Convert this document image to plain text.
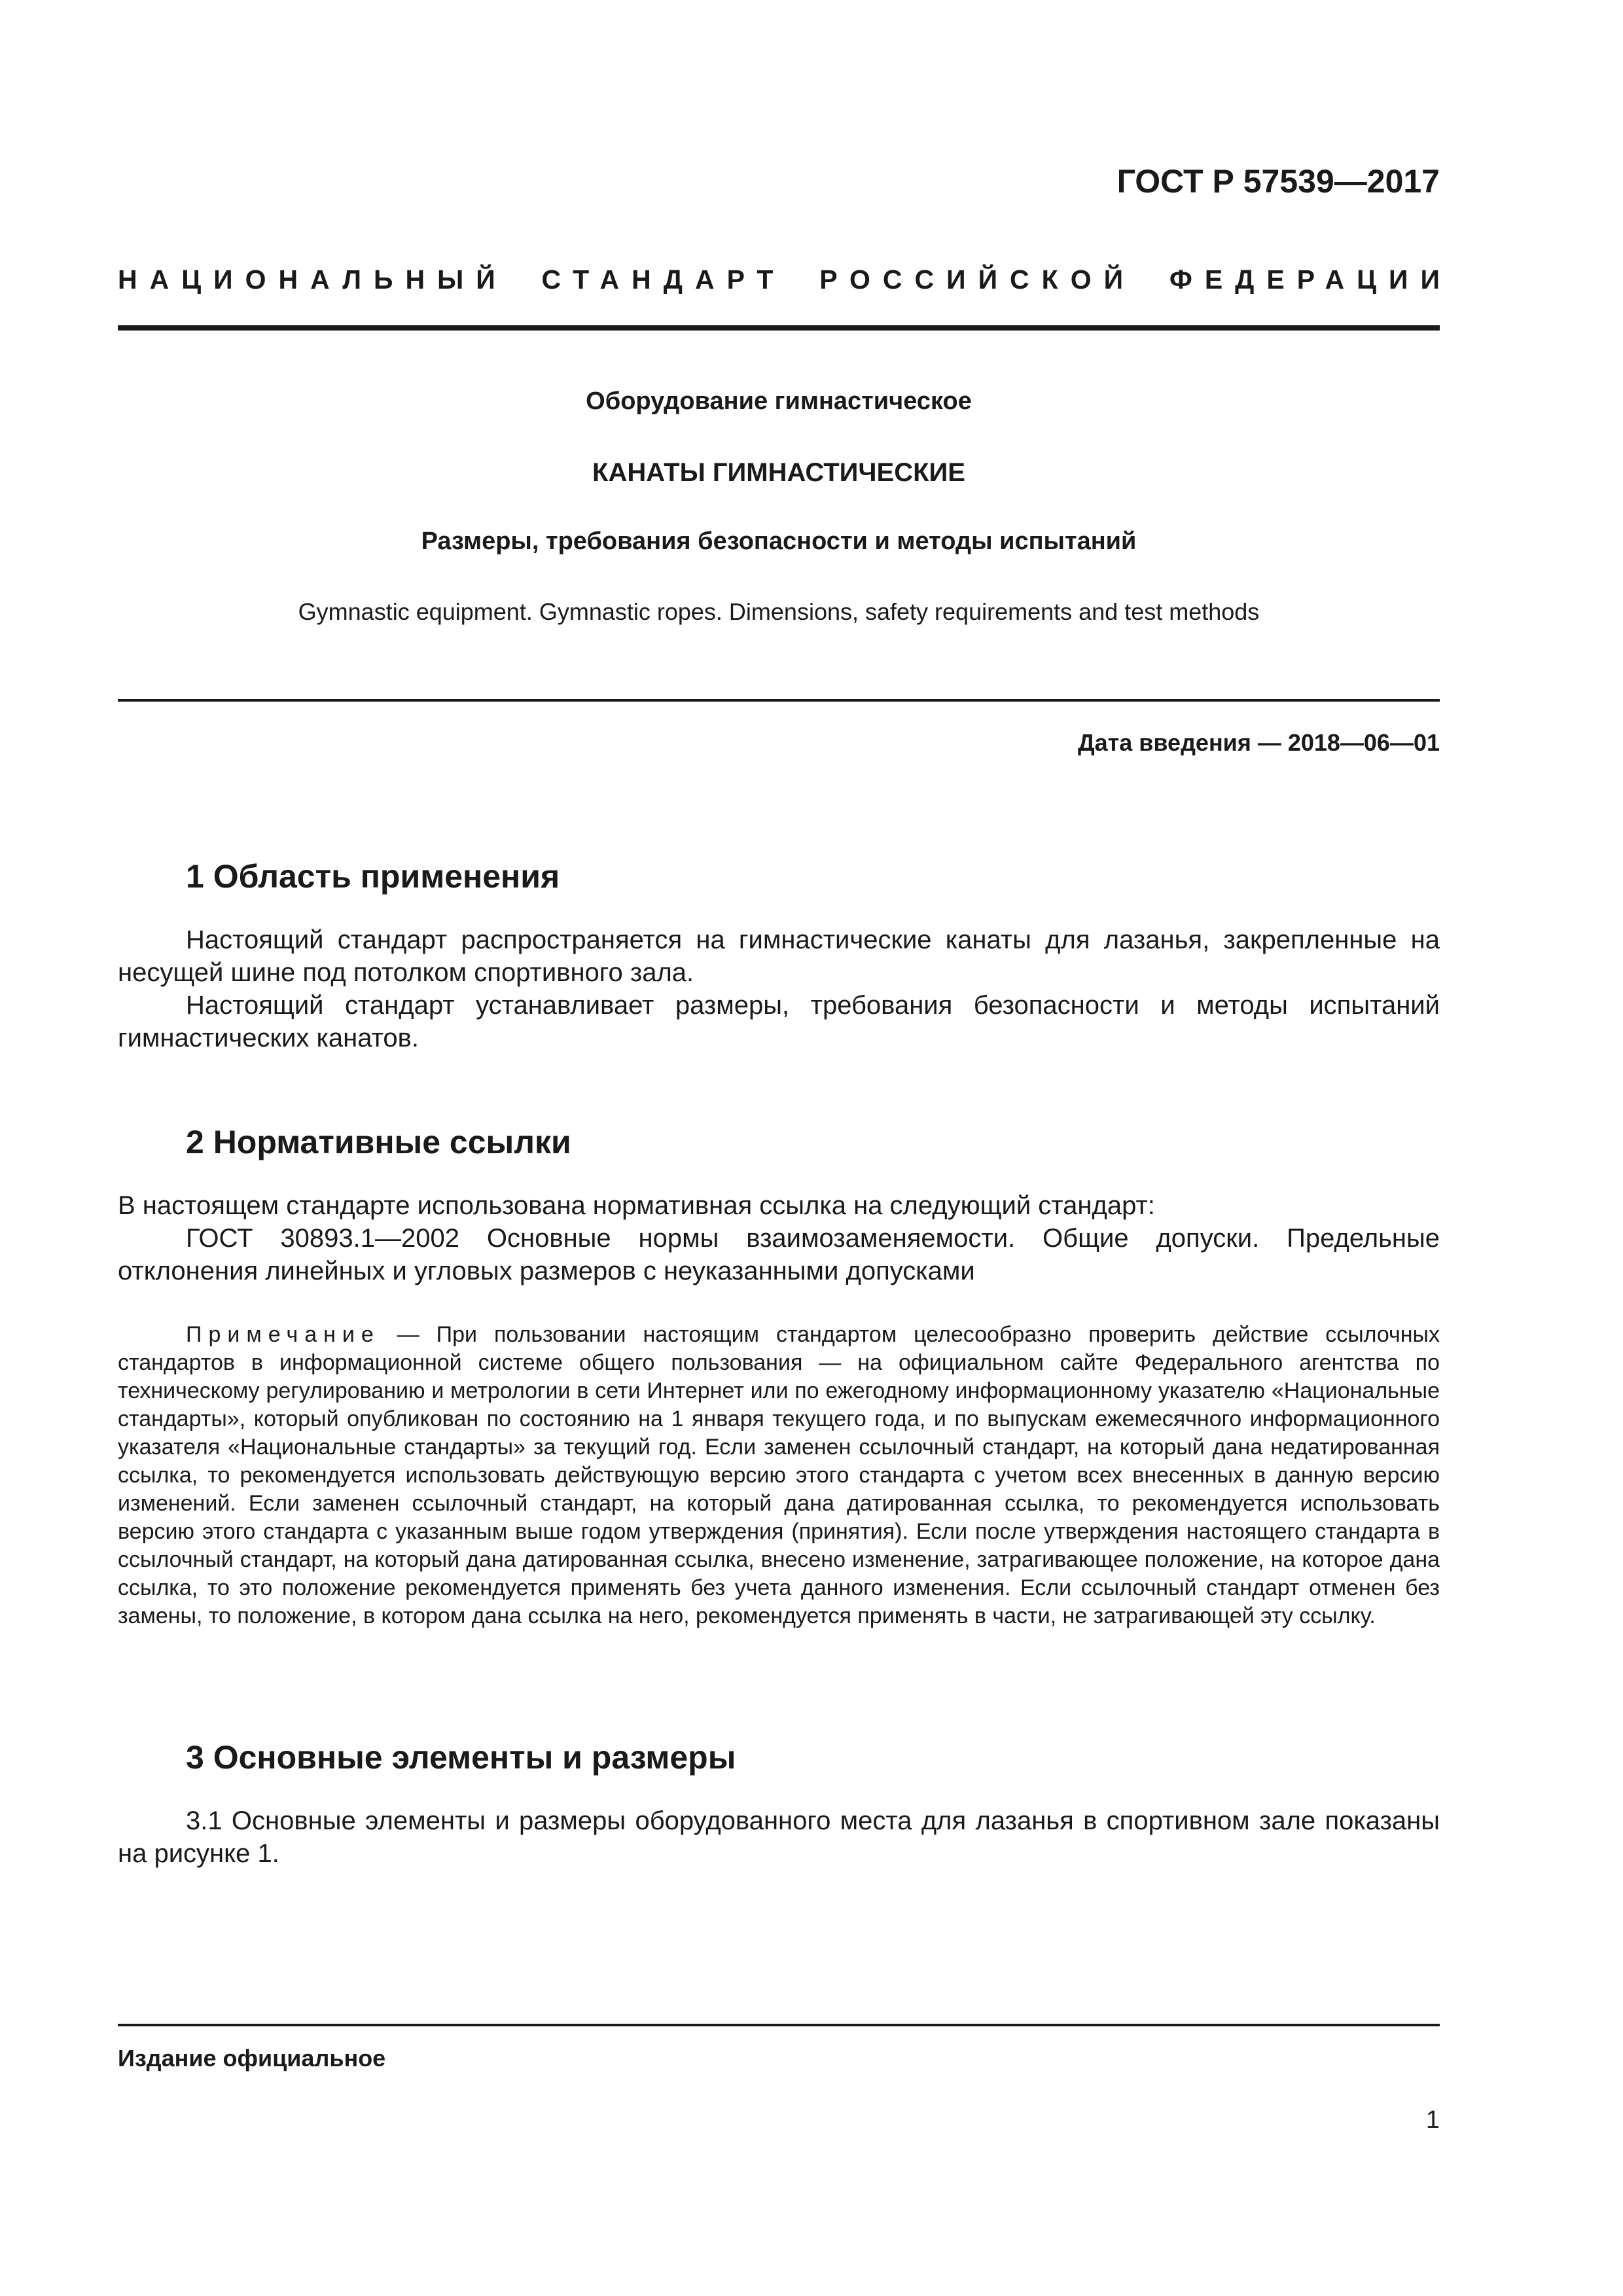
ГОСТ Р 57539—2017
НАЦИОНАЛЬНЫЙ СТАНДАРТ РОССИЙСКОЙ ФЕДЕРАЦИИ
Оборудование гимнастическое
КАНАТЫ ГИМНАСТИЧЕСКИЕ
Размеры, требования безопасности и методы испытаний
Gymnastic equipment. Gymnastic ropes. Dimensions, safety requirements and test methods
Дата введения — 2018—06—01
1 Область применения

Настоящий стандарт распространяется на гимнастические канаты для лазанья, закрепленные на несущей шине под потолком спортивного зала.

Настоящий стандарт устанавливает размеры, требования безопасности и методы испытаний гимнастических канатов.

2 Нормативные ссылки

В настоящем стандарте использована нормативная ссылка на следующий стандарт:

ГОСТ 30893.1—2002 Основные нормы взаимозаменяемости. Общие допуски. Предельные отклонения линейных и угловых размеров с неуказанными допусками

Примечание — При пользовании настоящим стандартом целесообразно проверить действие ссылочных стандартов в информационной системе общего пользования — на официальном сайте Федерального агентства по техническому регулированию и метрологии в сети Интернет или по ежегодному информационному указателю «Национальные стандарты», который опубликован по состоянию на 1 января текущего года, и по выпускам ежемесячного информационного указателя «Национальные стандарты» за текущий год. Если заменен ссылочный стандарт, на который дана недатированная ссылка, то рекомендуется использовать действующую версию этого стандарта с учетом всех внесенных в данную версию изменений. Если заменен ссылочный стандарт, на который дана датированная ссылка, то рекомендуется использовать версию этого стандарта с указанным выше годом утверждения (принятия). Если после утверждения настоящего стандарта в ссылочный стандарт, на который дана датированная ссылка, внесено изменение, затрагивающее положение, на которое дана ссылка, то это положение рекомендуется применять без учета данного изменения. Если ссылочный стандарт отменен без замены, то положение, в котором дана ссылка на него, рекомендуется применять в части, не затрагивающей эту ссылку.

3 Основные элементы и размеры

3.1 Основные элементы и размеры оборудованного места для лазанья в спортивном зале показаны на рисунке 1.

Издание официальное
1
